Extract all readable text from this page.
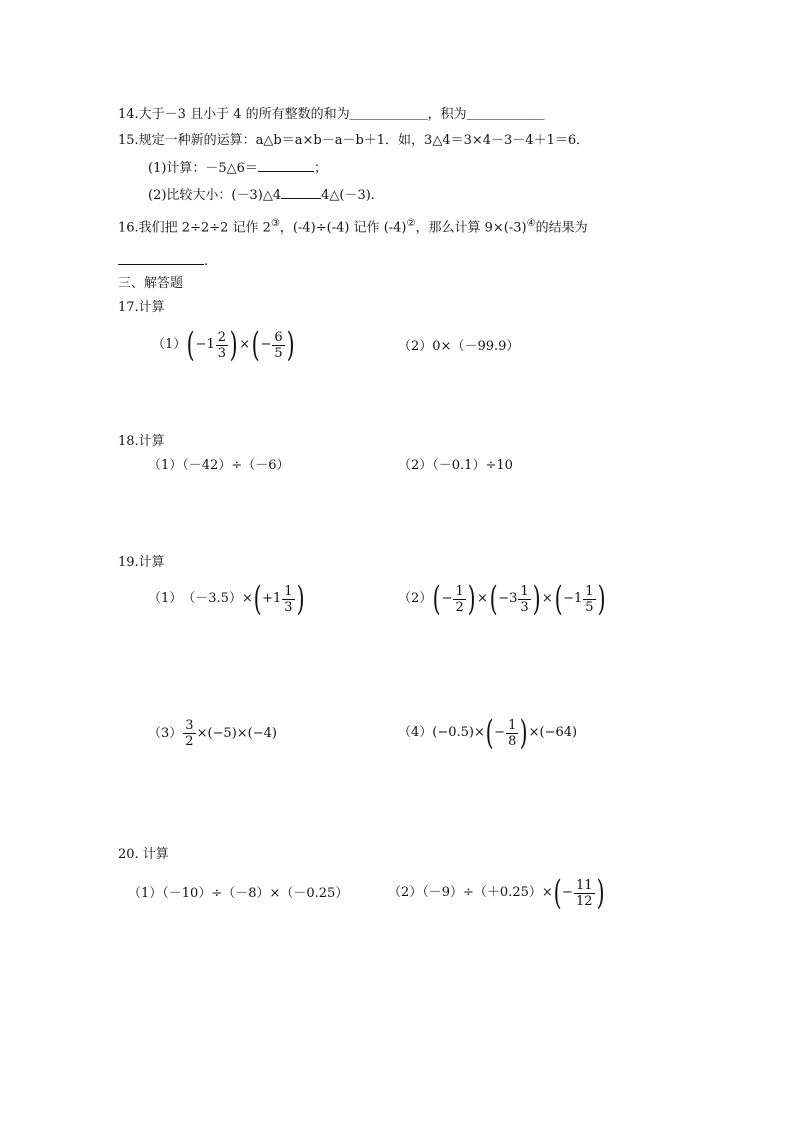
14.大于－3 且小于 4 的所有整数的和为＿＿＿＿＿＿，积为＿＿＿＿＿＿
15.规定一种新的运算：a△b＝a×b－a－b＋1．如，3△4＝3×4－3－4＋1＝6．
(1)计算：－5△6＝	；
(2)比较大小：(－3)△4	4△(－3).
16.我们把 2÷2÷2 记作 2③，(-4)÷(-4) 记作 (-4)②，那么计算 9×(-3)④的结果为
.
三、解答题
17.计算
（1） ( $-1 \frac{2}{3}$ ) × ( − $\frac{6}{5}$ )	（2）0×（－99.9）
18.计算
（1）（－42）÷（－6）	（2）（－0.1）÷10
19.计算
（1） （－3.5）× ( $+1 \frac{1}{3}$ )	（2） ( − $\frac{1}{2}$ ) × ( $-3 \frac{1}{3}$ ) × ( $-1 \frac{1}{5}$ )
$(3) \frac{3}{2} \times(-5)\times(-4)$	（4） (−0.5)× ( − $\frac{1}{8}$ ) ×(−64)
20. 计算
（1）（－10）÷（－8）×（－0.25）	（2）（－9）÷（＋0.25）× ( − $\frac{11}{12}$ )
